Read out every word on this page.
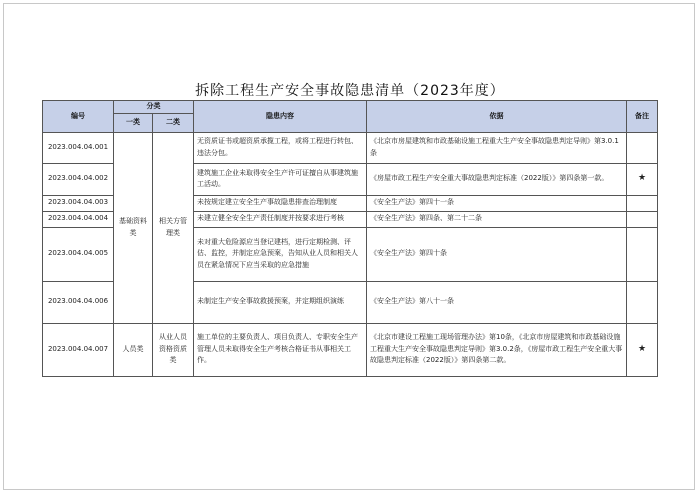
拆除工程生产安全事故隐患清单（2023年度）
编号	分类		隐患内容	依据	备注
	一类	二类			
2023.004.04.001	基础资料类	相关方管理类	无资质证书或超资质承揽工程，或将工程进行转包、违法分包。	《北京市房屋建筑和市政基础设施工程重大生产安全事故隐患判定导则》第3.0.1条	
2023.004.04.002			建筑施工企业未取得安全生产许可证擅自从事建筑施工活动。	《房屋市政工程生产安全重大事故隐患判定标准（2022版）》第四条第一款。	★
2023.004.04.003			未按规定建立安全生产事故隐患排查治理制度	《安全生产法》第四十一条	
2023.004.04.004			未建立健全安全生产责任制度并按要求进行考核	《安全生产法》第四条、第二十二条	
2023.004.04.005			未对重大危险源应当登记建档，进行定期检测、评估、监控，并制定应急预案，告知从业人员和相关人员在紧急情况下应当采取的应急措施	《安全生产法》第四十条	
2023.004.04.006			未制定生产安全事故救援预案，并定期组织演练	《安全生产法》第八十一条	
2023.004.04.007	人员类	从业人员资格资质类	施工单位的主要负责人、项目负责人、专职安全生产管理人员未取得安全生产考核合格证书从事相关工作。	《北京市建设工程施工现场管理办法》第10条，《北京市房屋建筑和市政基础设施工程重大生产安全事故隐患判定导则》第3.0.2条，《房屋市政工程生产安全重大事故隐患判定标准（2022版）》第四条第二款。	★
